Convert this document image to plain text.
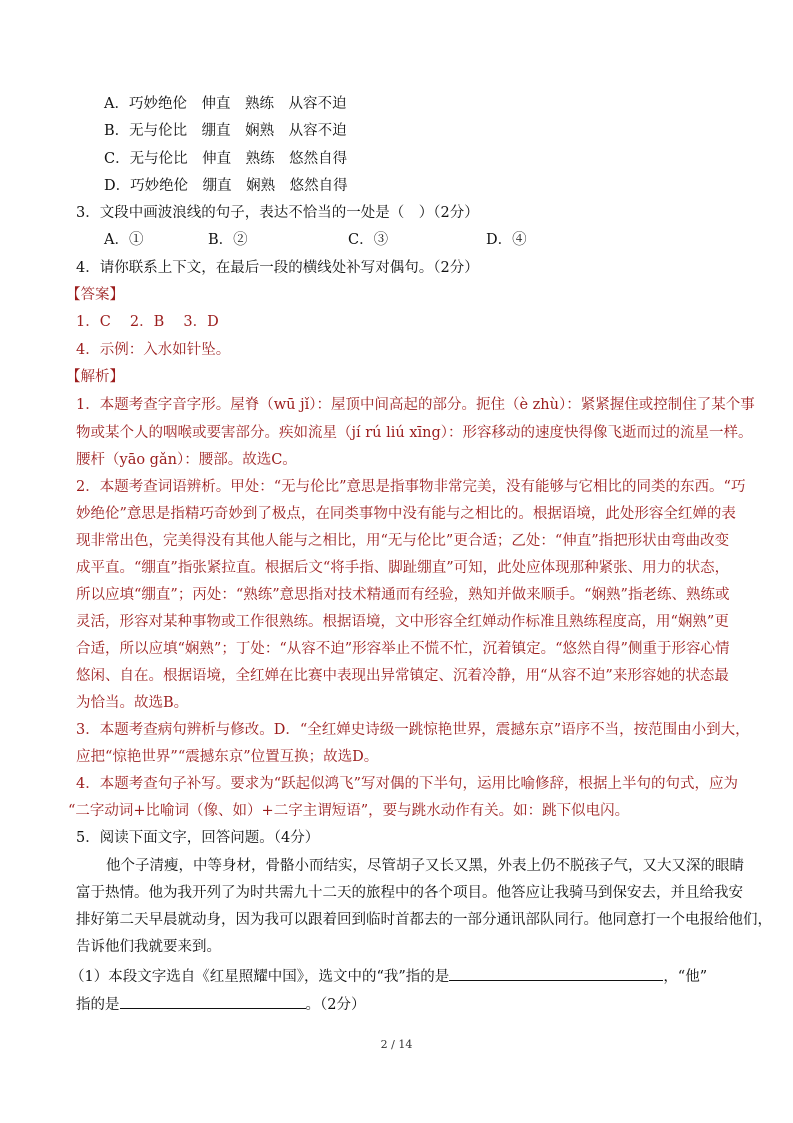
A．巧妙绝伦　伸直　熟练　从容不迫
B．无与伦比　绷直　娴熟　从容不迫
C．无与伦比　伸直　熟练　悠然自得
D．巧妙绝伦　绷直　娴熟　悠然自得
3．文段中画波浪线的句子，表达不恰当的一处是（　）（2分）
A．①	B．②	C．③	D．④
4．请你联系上下文，在最后一段的横线处补写对偶句。（2分）
【答案】
1．C　 2．B　 3．D
4．示例：入水如针坠。
【解析】
1．本题考查字音字形。屋脊（wū jǐ）：屋顶中间高起的部分。扼住（è zhù）：紧紧握住或控制住了某个事
物或某个人的咽喉或要害部分。疾如流星（jí rú liú xīng）：形容移动的速度快得像飞逝而过的流星一样。
腰杆（yāo gǎn）：腰部。故选C。
2．本题考查词语辨析。甲处：“无与伦比”意思是指事物非常完美，没有能够与它相比的同类的东西。“巧
妙绝伦”意思是指精巧奇妙到了极点，在同类事物中没有能与之相比的。根据语境，此处形容全红婵的表
现非常出色，完美得没有其他人能与之相比，用“无与伦比”更合适；乙处：“伸直”指把形状由弯曲改变
成平直。“绷直”指张紧拉直。根据后文“将手指、脚趾绷直”可知，此处应体现那种紧张、用力的状态，
所以应填“绷直”；丙处：“熟练”意思指对技术精通而有经验，熟知并做来顺手。“娴熟”指老练、熟练或
灵活，形容对某种事物或工作很熟练。根据语境，文中形容全红婵动作标准且熟练程度高，用“娴熟”更
合适，所以应填“娴熟”；丁处：“从容不迫”形容举止不慌不忙，沉着镇定。“悠然自得”侧重于形容心情
悠闲、自在。根据语境，全红婵在比赛中表现出异常镇定、沉着冷静，用“从容不迫”来形容她的状态最
为恰当。故选B。
3．本题考查病句辨析与修改。D．“全红婵史诗级一跳惊艳世界，震撼东京”语序不当，按范围由小到大，
应把“惊艳世界”“震撼东京”位置互换；故选D。
4．本题考查句子补写。要求为“跃起似鸿飞”写对偶的下半句，运用比喻修辞，根据上半句的句式，应为
“二字动词+比喻词（像、如）+二字主谓短语”，要与跳水动作有关。如：跳下似电闪。
5．阅读下面文字，回答问题。（4分）
他个子清瘦，中等身材，骨骼小而结实，尽管胡子又长又黑，外表上仍不脱孩子气，又大又深的眼睛
富于热情。他为我开列了为时共需九十二天的旅程中的各个项目。他答应让我骑马到保安去，并且给我安
排好第二天早晨就动身，因为我可以跟着回到临时首都去的一部分通讯部队同行。他同意打一个电报给他们，
告诉他们我就要来到。
（1）本段文字选自《红星照耀中国》，选文中的“我”指的是	，“他”
指的是	。（2分）
2 / 14
